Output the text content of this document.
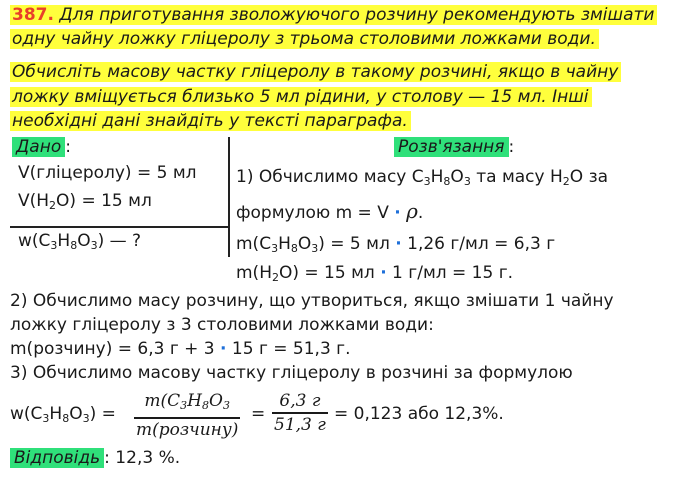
387. Для приготування зволожуючого розчину рекомендують змішати
одну чайну ложку гліцеролу з трьома столовими ложками води.
Обчисліть масову частку гліцеролу в такому розчині, якщо в чайну
ложку вміщується близько 5 мл рідини, у столову — 15 мл. Інші
необхідні дані знайдіть у тексті параграфа.
Дано :	Розв'язання :
V(гліцеролу) = 5 мл
$V(H_2O) = 15$ мл
$w(C_3H_8O_3)$ — ?
1) Обчислимо масу $C_3H_8O_3$ та масу $H_2O$ за
формулою m = V · ρ.
$m(C_3H_8O_3) = 5$ мл · 1,26 г/мл = 6,3 г
$m(H_2O) = 15$ мл · 1 г/мл = 15 г.
2) Обчислимо масу розчину, що утвориться, якщо змішати 1 чайну
ложку гліцеролу з 3 столовими ложками води:
m(розчину) = 6,3 г + 3 · 15 г = 51,3 г.
3) Обчислимо масову частку гліцеролу в розчині за формулою
$w(C_3H_8O_3)$ =
$m(C_3H_8O_3$
m(розчину)
=
6,3 г
51,3 г
= 0,123 або 12,3%.
Відповідь : 12,3 %.
